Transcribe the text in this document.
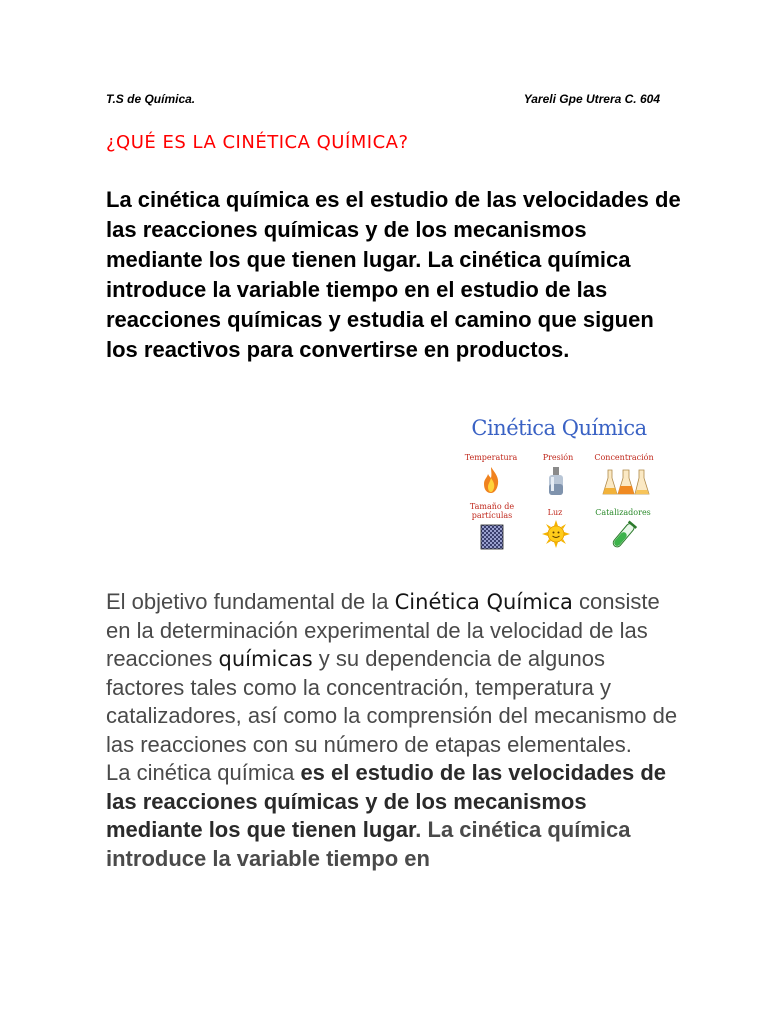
T.S de Química.	Yareli Gpe Utrera C. 604
¿QUÉ ES LA CINÉTICA QUÍMICA?

La cinética química es el estudio de las velocidades de las reacciones químicas y de los mecanismos mediante los que tienen lugar. La cinética química introduce la variable tiempo en el estudio de las reacciones químicas y estudia el camino que siguen los reactivos para convertirse en productos.

Cinética Química
Temperatura	Presión	Concentración
Tamaño de
partículas	Luz	Catalizadores

El objetivo fundamental de la Cinética Química consiste en la determinación experimental de la velocidad de las reacciones químicas y su dependencia de algunos factores tales como la concentración, temperatura y catalizadores, así como la comprensión del mecanismo de las reacciones con su número de etapas elementales.
La cinética química es el estudio de las velocidades de las reacciones químicas y de los mecanismos mediante los que tienen lugar. La cinética química introduce la variable tiempo en
